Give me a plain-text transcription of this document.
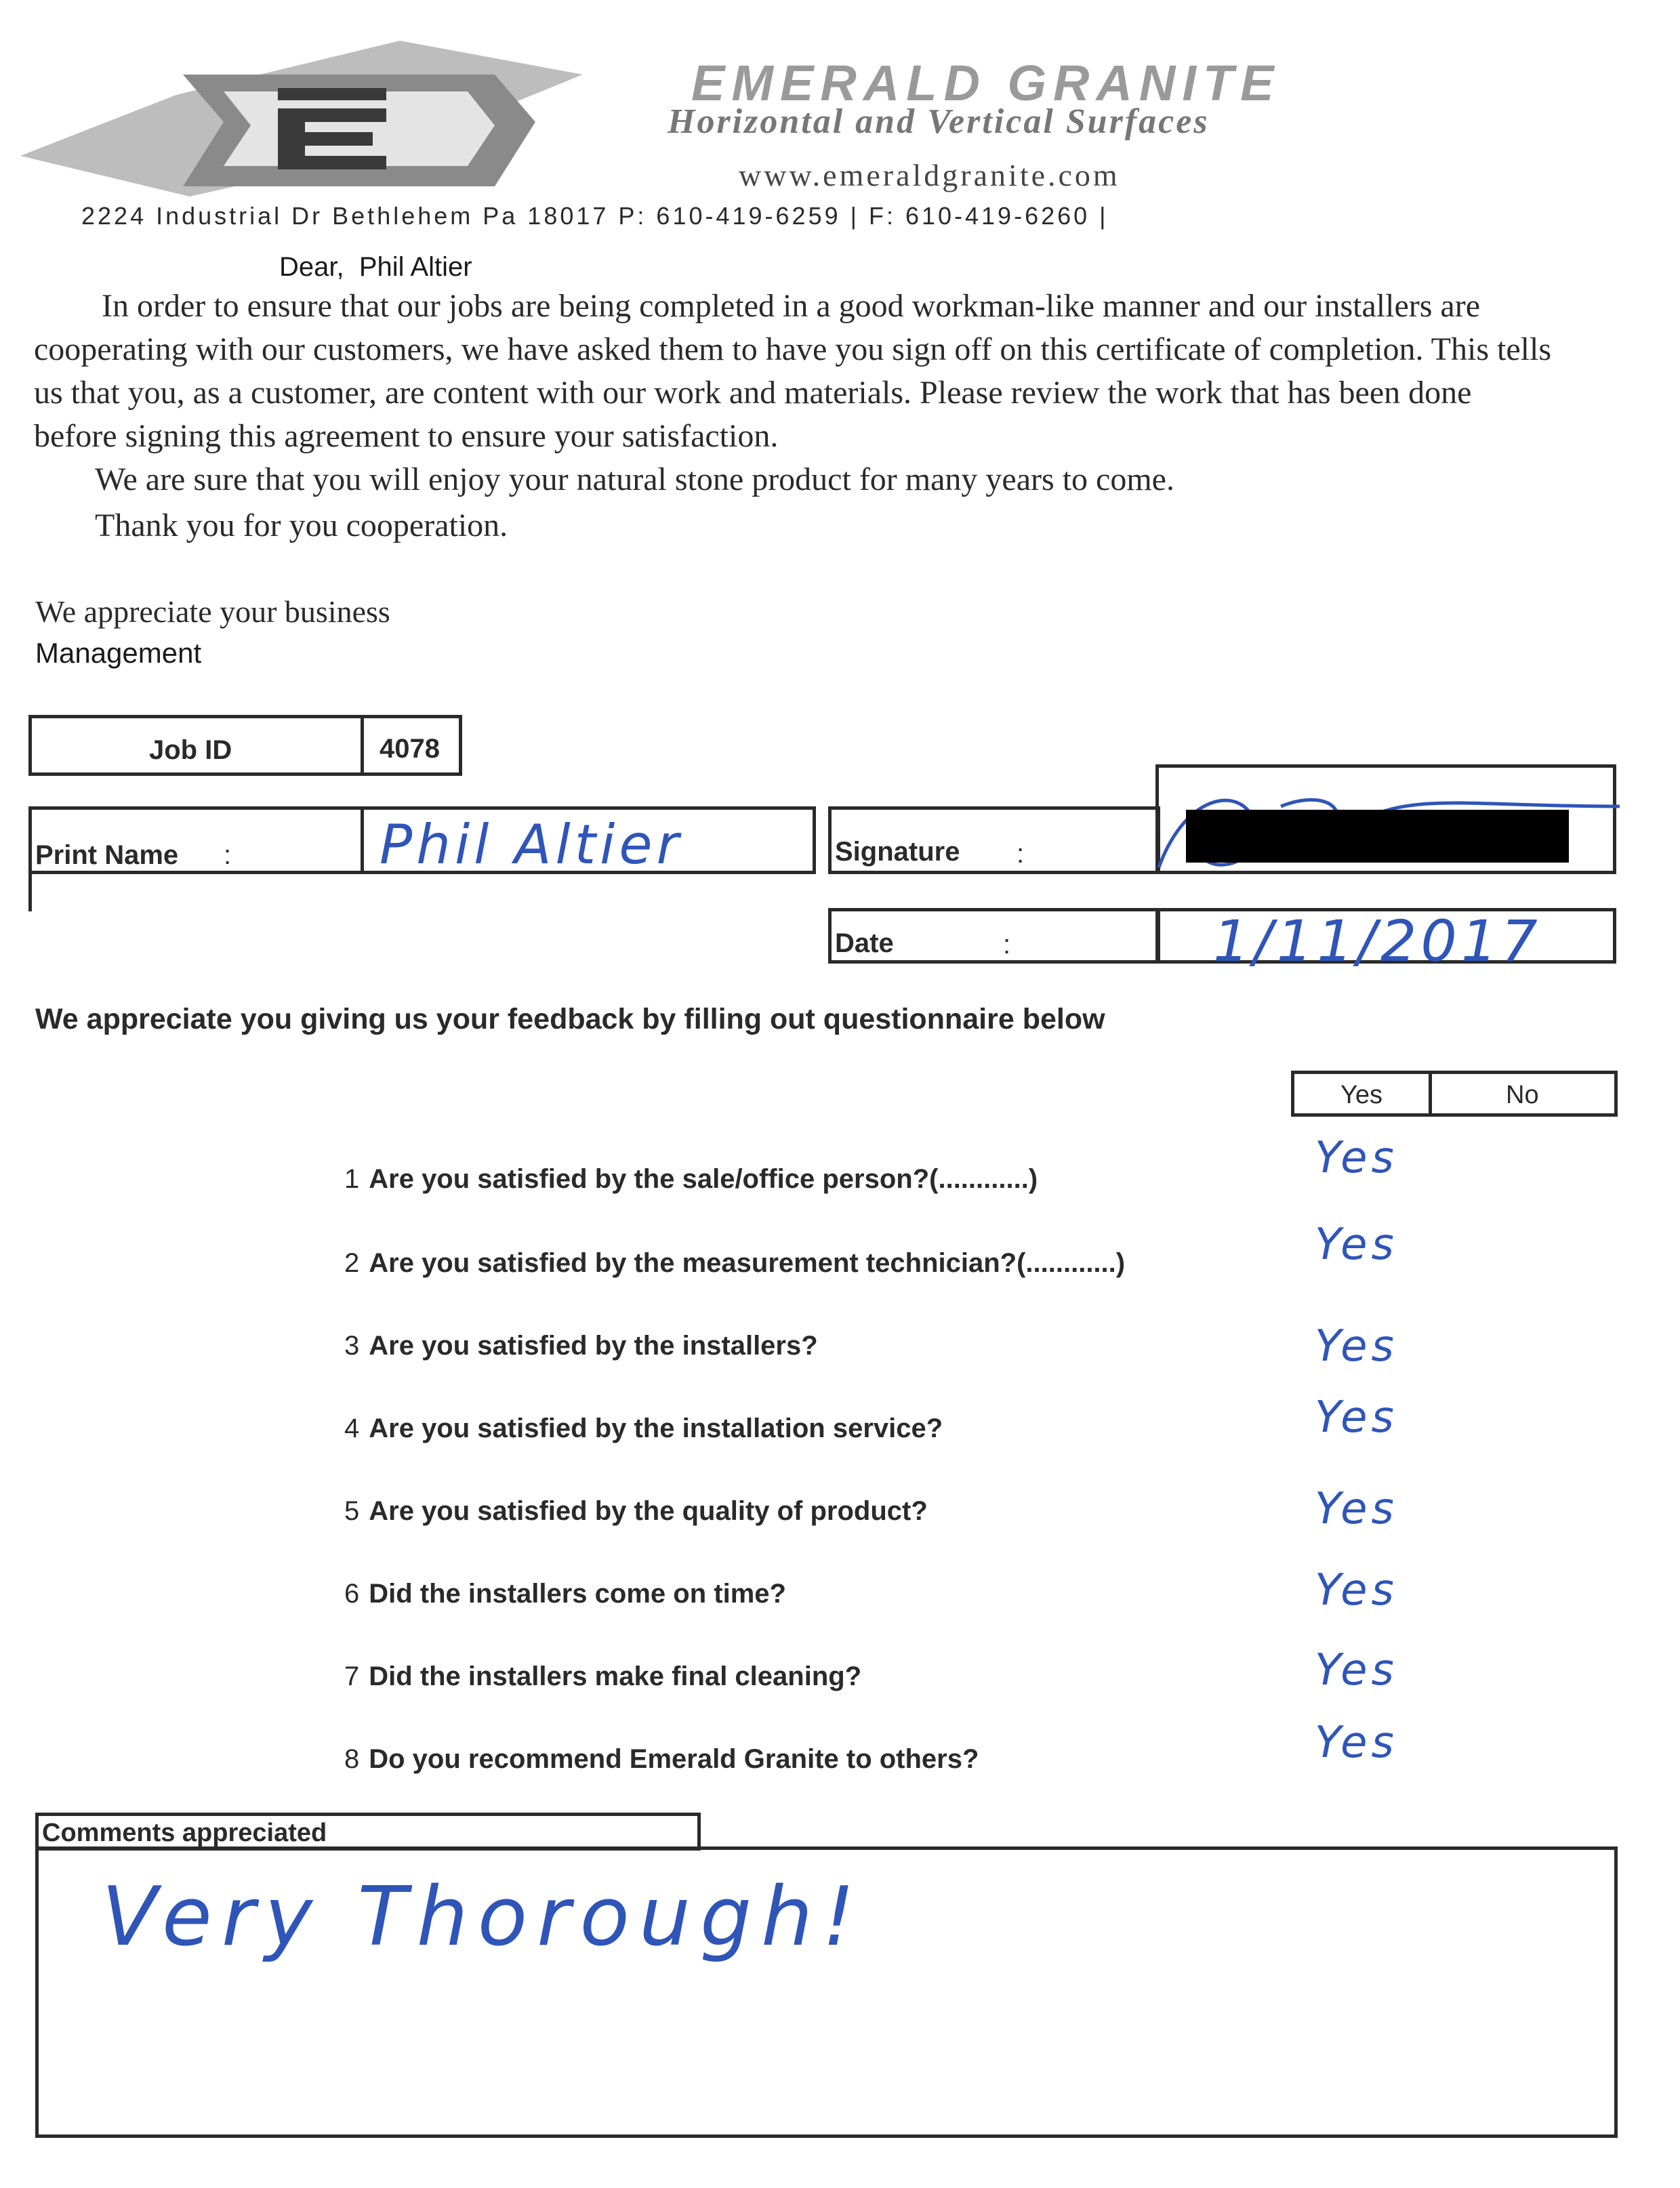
EMERALD GRANITE
Horizontal and Vertical Surfaces
www.emeraldgranite.com
2224 Industrial Dr Bethlehem Pa 18017 P: 610-419-6259 | F: 610-419-6260 |
Dear,  Phil Altier
In order to ensure that our jobs are being completed in a good workman-like manner and our installers are cooperating with our customers, we have asked them to have you sign off on this certificate of completion. This tells us that you, as a customer, are content with our work and materials. Please review the work that has been done before signing this agreement to ensure your satisfaction.
We are sure that you will enjoy your natural stone product for many years to come.
Thank you for you cooperation.
We appreciate your business
Management
Job ID	4078
Print Name :	Phil Altier	Signature :
Date	:	1/11/2017
We appreciate you giving us your feedback by filling out questionnaire below
Yes	No
1 Are you satisfied by the sale/office person?(............)	Yes
2 Are you satisfied by the measurement technician?(............)	Yes
3 Are you satisfied by the installers?	Yes
4 Are you satisfied by the installation service?	Yes
5 Are you satisfied by the quality of product?	Yes
6 Did the installers come on time?	Yes
7 Did the installers make final cleaning?	Yes
8 Do you recommend Emerald Granite to others?	Yes
Comments appreciated
Very Thorough!
